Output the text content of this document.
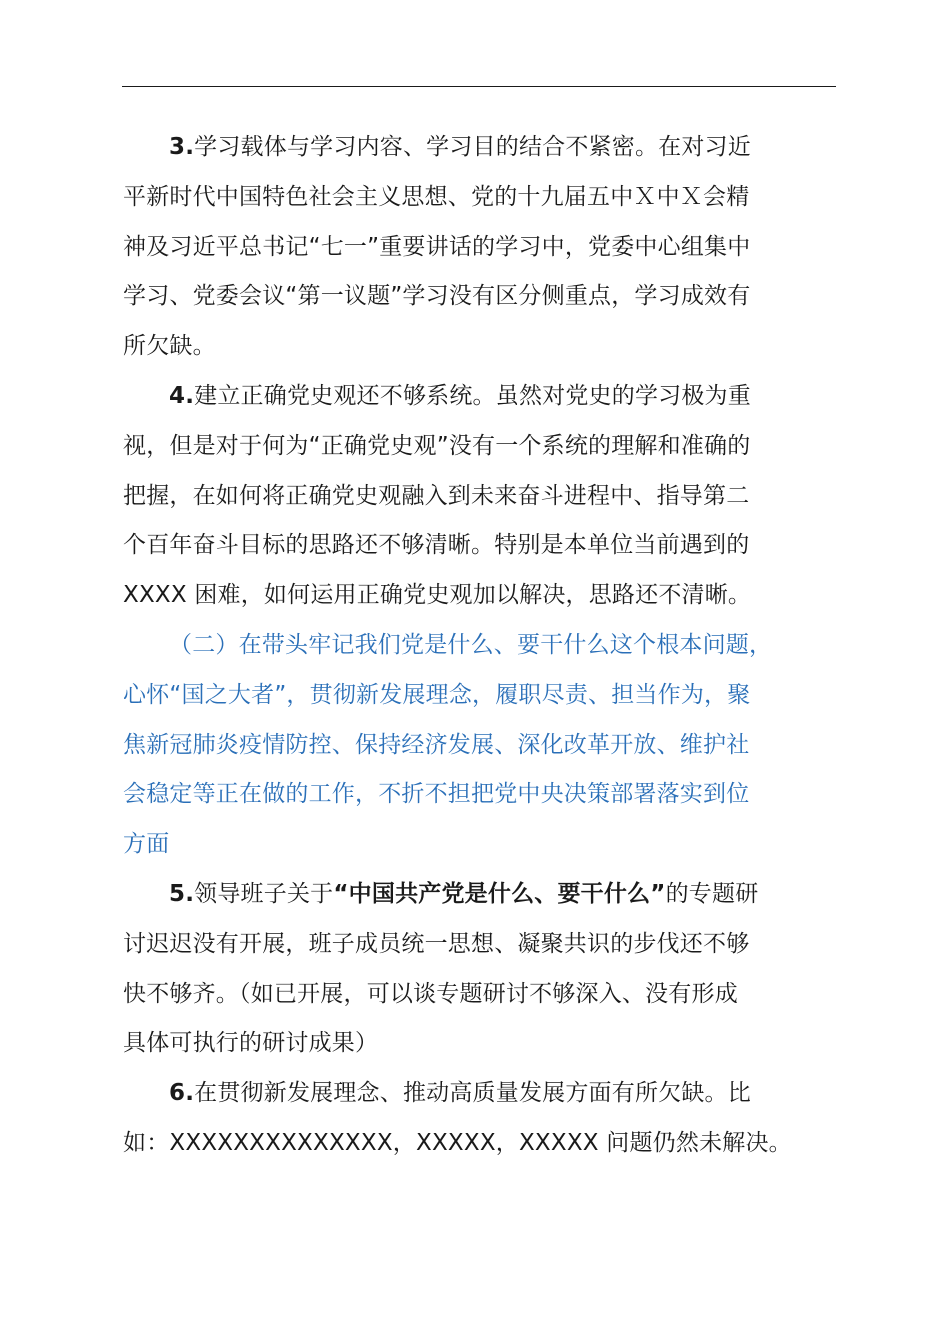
3.学习载体与学习内容、学习目的结合不紧密。在对习近
平新时代中国特色社会主义思想、党的十九届五中Ｘ中Ｘ会精
神及习近平总书记“七一”重要讲话的学习中，党委中心组集中
学习、党委会议“第一议题”学习没有区分侧重点，学习成效有
所欠缺。

4.建立正确党史观还不够系统。虽然对党史的学习极为重
视，但是对于何为“正确党史观”没有一个系统的理解和准确的
把握，在如何将正确党史观融入到未来奋斗进程中、指导第二
个百年奋斗目标的思路还不够清晰。特别是本单位当前遇到的
XXXX 困难，如何运用正确党史观加以解决，思路还不清晰。

（二）在带头牢记我们党是什么、要干什么这个根本问题，
心怀“国之大者”，贯彻新发展理念，履职尽责、担当作为，聚
焦新冠肺炎疫情防控、保持经济发展、深化改革开放、维护社
会稳定等正在做的工作，不折不担把党中央决策部署落实到位
方面

5.领导班子关于“中国共产党是什么、要干什么”的专题研
讨迟迟没有开展，班子成员统一思想、凝聚共识的步伐还不够
快不够齐。（如已开展，可以谈专题研讨不够深入、没有形成
具体可执行的研讨成果）

6.在贯彻新发展理念、推动高质量发展方面有所欠缺。比
如：XXXXXXXXXXXXXX，XXXXX，XXXXX 问题仍然未解决。
